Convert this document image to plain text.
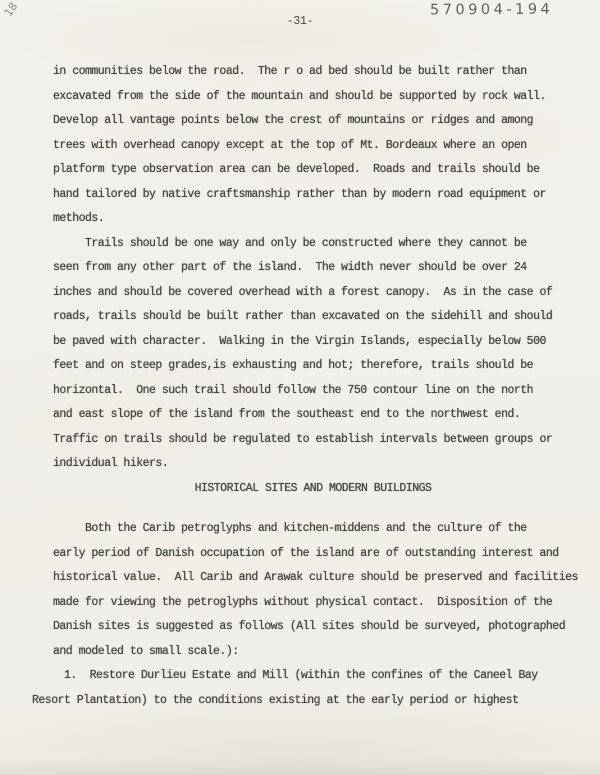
18	570904-194
-31-
in communities below the road.  The r o ad bed should be built rather than
excavated from the side of the mountain and should be supported by rock wall.
Develop all vantage points below the crest of mountains or ridges and among
trees with overhead canopy except at the top of Mt. Bordeaux where an open
platform type observation area can be developed.  Roads and trails should be
hand tailored by native craftsmanship rather than by modern road equipment or
methods.
Trails should be one way and only be constructed where they cannot be
seen from any other part of the island.  The width never should be over 24
inches and should be covered overhead with a forest canopy.  As in the case of
roads, trails should be built rather than excavated on the sidehill and should
be paved with character.  Walking in the Virgin Islands, especially below 500
feet and on steep grades,is exhausting and hot; therefore, trails should be
horizontal.  One such trail should follow the 750 contour line on the north
and east slope of the island from the southeast end to the northwest end.
Traffic on trails should be regulated to establish intervals between groups or
individual hikers.
HISTORICAL SITES AND MODERN BUILDINGS
Both the Carib petroglyphs and kitchen-middens and the culture of the
early period of Danish occupation of the island are of outstanding interest and
historical value.  All Carib and Arawak culture should be preserved and facilities
made for viewing the petroglyphs without physical contact.  Disposition of the
Danish sites is suggested as follows (All sites should be surveyed, photographed
and modeled to small scale.):
1.  Restore Durlieu Estate and Mill (within the confines of the Caneel Bay
Resort Plantation) to the conditions existing at the early period or highest
